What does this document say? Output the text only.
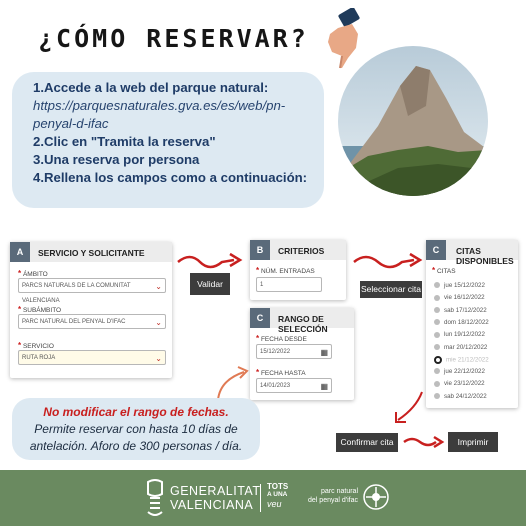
¿CÓMO RESERVAR?
1.Accede a la web del parque natural:
https://parquesnaturales.gva.es/es/web/pn-penyal-d-ifac
2.Clic en "Tramita la reserva"
3.Una reserva por persona
4.Rellena los campos como a continuación:
A	SERVICIO Y SOLICITANTE
* ÁMBITO
PARCS NATURALS DE LA COMUNITAT VALENCIANA
⌄
* SUBÁMBITO
PARC NATURAL DEL PENYAL D'IFAC	⌄
* SERVICIO
RUTA ROJA	⌄
Validar
B	CRITERIOS
* NÚM. ENTRADAS
1
C	RANGO DE SELECCIÓN
* FECHA DESDE
15/12/2022	▦
* FECHA HASTA
14/01/2023	▦
Seleccionar cita
C	CITAS DISPONIBLES
* CITAS
jue 15/12/2022
vie 16/12/2022
sab 17/12/2022
dom 18/12/2022
lun 19/12/2022
mar 20/12/2022
mie 21/12/2022
jue 22/12/2022
vie 23/12/2022
sab 24/12/2022
Confirmar cita	Imprimir
No modificar el rango de fechas.
Permite reservar con hasta 10 días de
antelación. Aforo de 300 personas / día.
GENERALITAT
VALENCIANA
TOTS
A UNA
veu
parc natural
del penyal d'ifac
